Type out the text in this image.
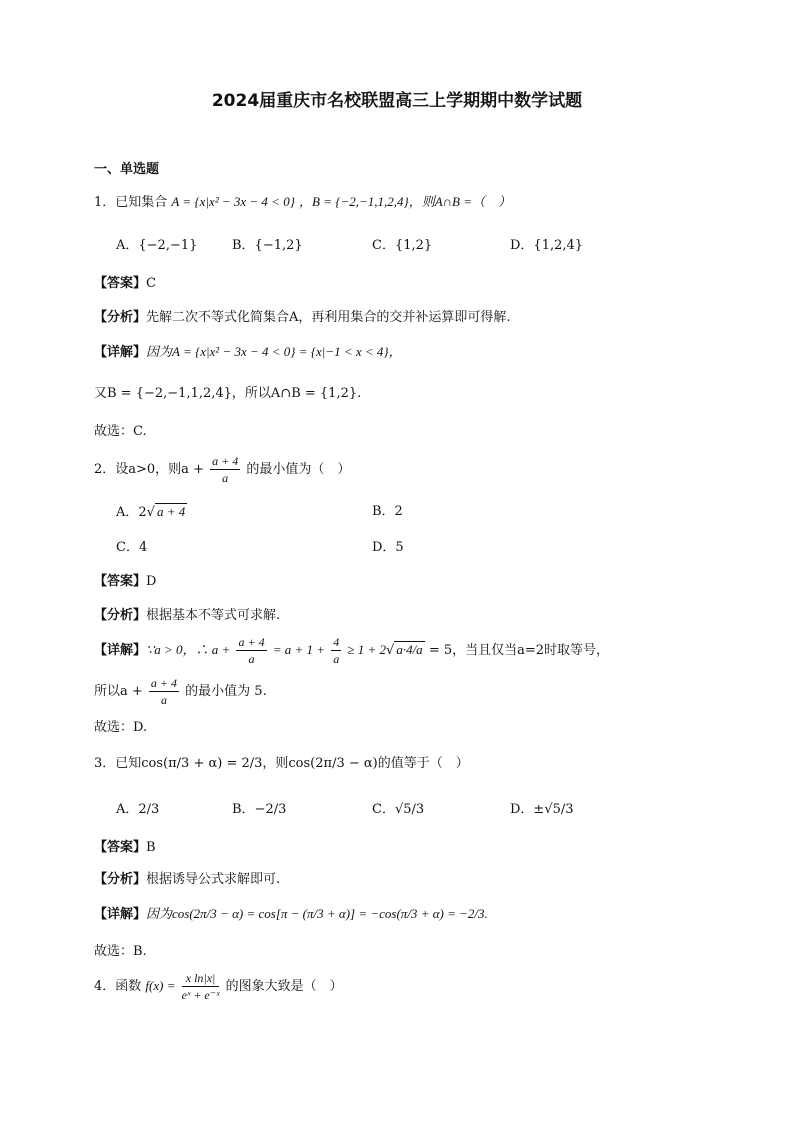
2024届重庆市名校联盟高三上学期期中数学试题
一、单选题
1．已知集合 A = {x|x² − 3x − 4 < 0} ，B = {−2,−1,1,2,4}，则A∩B =（　）
A．{−2,−1}	B．{−1,2}	C．{1,2}	D．{1,2,4}
【答案】C
【分析】先解二次不等式化简集合A，再利用集合的交并补运算即可得解.
【详解】因为A = {x|x² − 3x − 4 < 0} = {x|−1 < x < 4}，
又B = {−2,−1,1,2,4}，所以A∩B = {1,2}.
故选：C.
2．设a>0，则$a + \frac{a + 4}{a}$ 的最小值为（　）
A．2√ a + 4	B．2
C．4	D．5
【答案】D
【分析】根据基本不等式可求解.
【详解】∵a > 0，∴ $a + \frac{a + 4}{a} = a + 1 + \frac{4}{a} \ge 1 + 2√$ a·4/a = 5，当且仅当a=2时取等号，
所以$a + \frac{a + 4}{a}$ 的最小值为 5.
故选：D.
3．已知cos(π/3 + α) = 2/3，则cos(2π/3 − α)的值等于（　）
A．2/3	B．−2/3	C．√5/3	D．±√5/3
【答案】B
【分析】根据诱导公式求解即可.
【详解】因为cos(2π/3 − α) = cos[π − (π/3 + α)] = −cos(π/3 + α) = −2/3.
故选：B.
4．函数 $f(x) = \frac{\text{x ln|x|}}{\text{eˣ + e⁻ˣ}}$ 的图象大致是（　）
